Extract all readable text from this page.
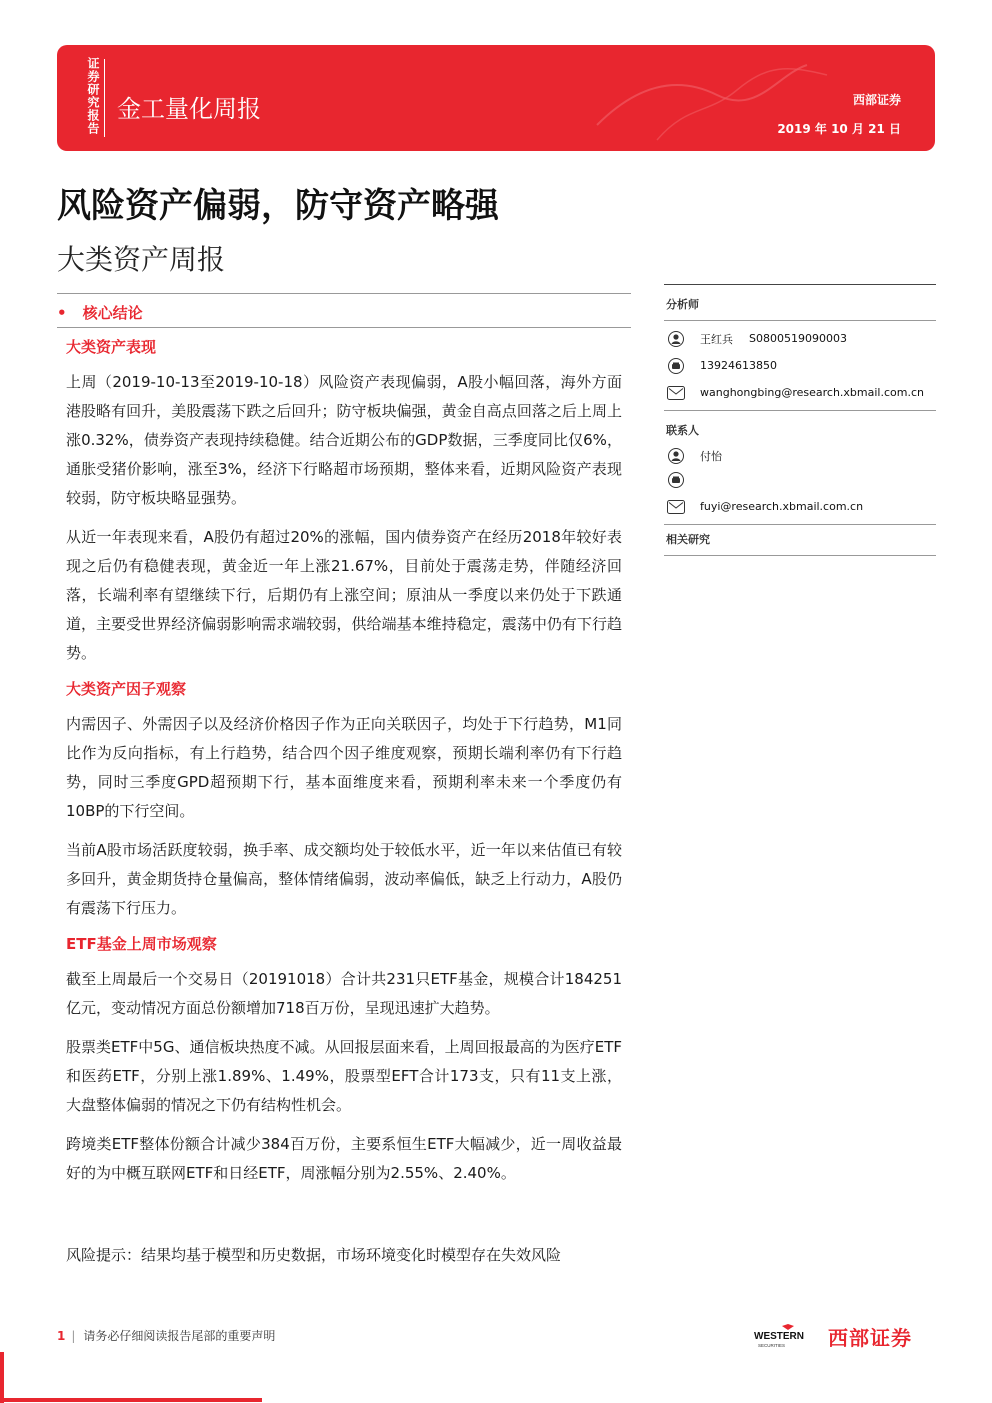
证券研究报告 金工量化周报	西部证券
2019 年 10 月 21 日
风险资产偏弱，防守资产略强
大类资产周报
• 核心结论

大类资产表现

上周（2019-10-13至2019-10-18）风险资产表现偏弱，A股小幅回落，海外方面港股略有回升，美股震荡下跌之后回升；防守板块偏强，黄金自高点回落之后上周上涨0.32%，债券资产表现持续稳健。结合近期公布的GDP数据，三季度同比仅6%，通胀受猪价影响，涨至3%，经济下行略超市场预期，整体来看，近期风险资产表现较弱，防守板块略显强势。

从近一年表现来看，A股仍有超过20%的涨幅，国内债券资产在经历2018年较好表现之后仍有稳健表现，黄金近一年上涨21.67%，目前处于震荡走势，伴随经济回落，长端利率有望继续下行，后期仍有上涨空间；原油从一季度以来仍处于下跌通道，主要受世界经济偏弱影响需求端较弱，供给端基本维持稳定，震荡中仍有下行趋势。

大类资产因子观察

内需因子、外需因子以及经济价格因子作为正向关联因子，均处于下行趋势，M1同比作为反向指标，有上行趋势，结合四个因子维度观察，预期长端利率仍有下行趋势，同时三季度GPD超预期下行，基本面维度来看，预期利率未来一个季度仍有10BP的下行空间。

当前A股市场活跃度较弱，换手率、成交额均处于较低水平，近一年以来估值已有较多回升，黄金期货持仓量偏高，整体情绪偏弱，波动率偏低，缺乏上行动力，A股仍有震荡下行压力。

ETF基金上周市场观察

截至上周最后一个交易日（20191018）合计共231只ETF基金，规模合计184251亿元，变动情况方面总份额增加718百万份，呈现迅速扩大趋势。

股票类ETF中5G、通信板块热度不减。从回报层面来看，上周回报最高的为医疗ETF和医药ETF，分别上涨1.89%、1.49%，股票型EFT合计173支，只有11支上涨，大盘整体偏弱的情况之下仍有结构性机会。

跨境类ETF整体份额合计减少384百万份，主要系恒生ETF大幅减少，近一周收益最好的为中概互联网ETF和日经ETF，周涨幅分别为2.55%、2.40%。

风险提示：结果均基于模型和历史数据，市场环境变化时模型存在失效风险
分析师
王红兵 S0800519090003
13924613850
wanghongbing@research.xbmail.com.cn
联系人
付怡
fuyi@research.xbmail.com.cn
相关研究
1 | 请务必仔细阅读报告尾部的重要声明	WESTERN
SECURITIES 西部证券
